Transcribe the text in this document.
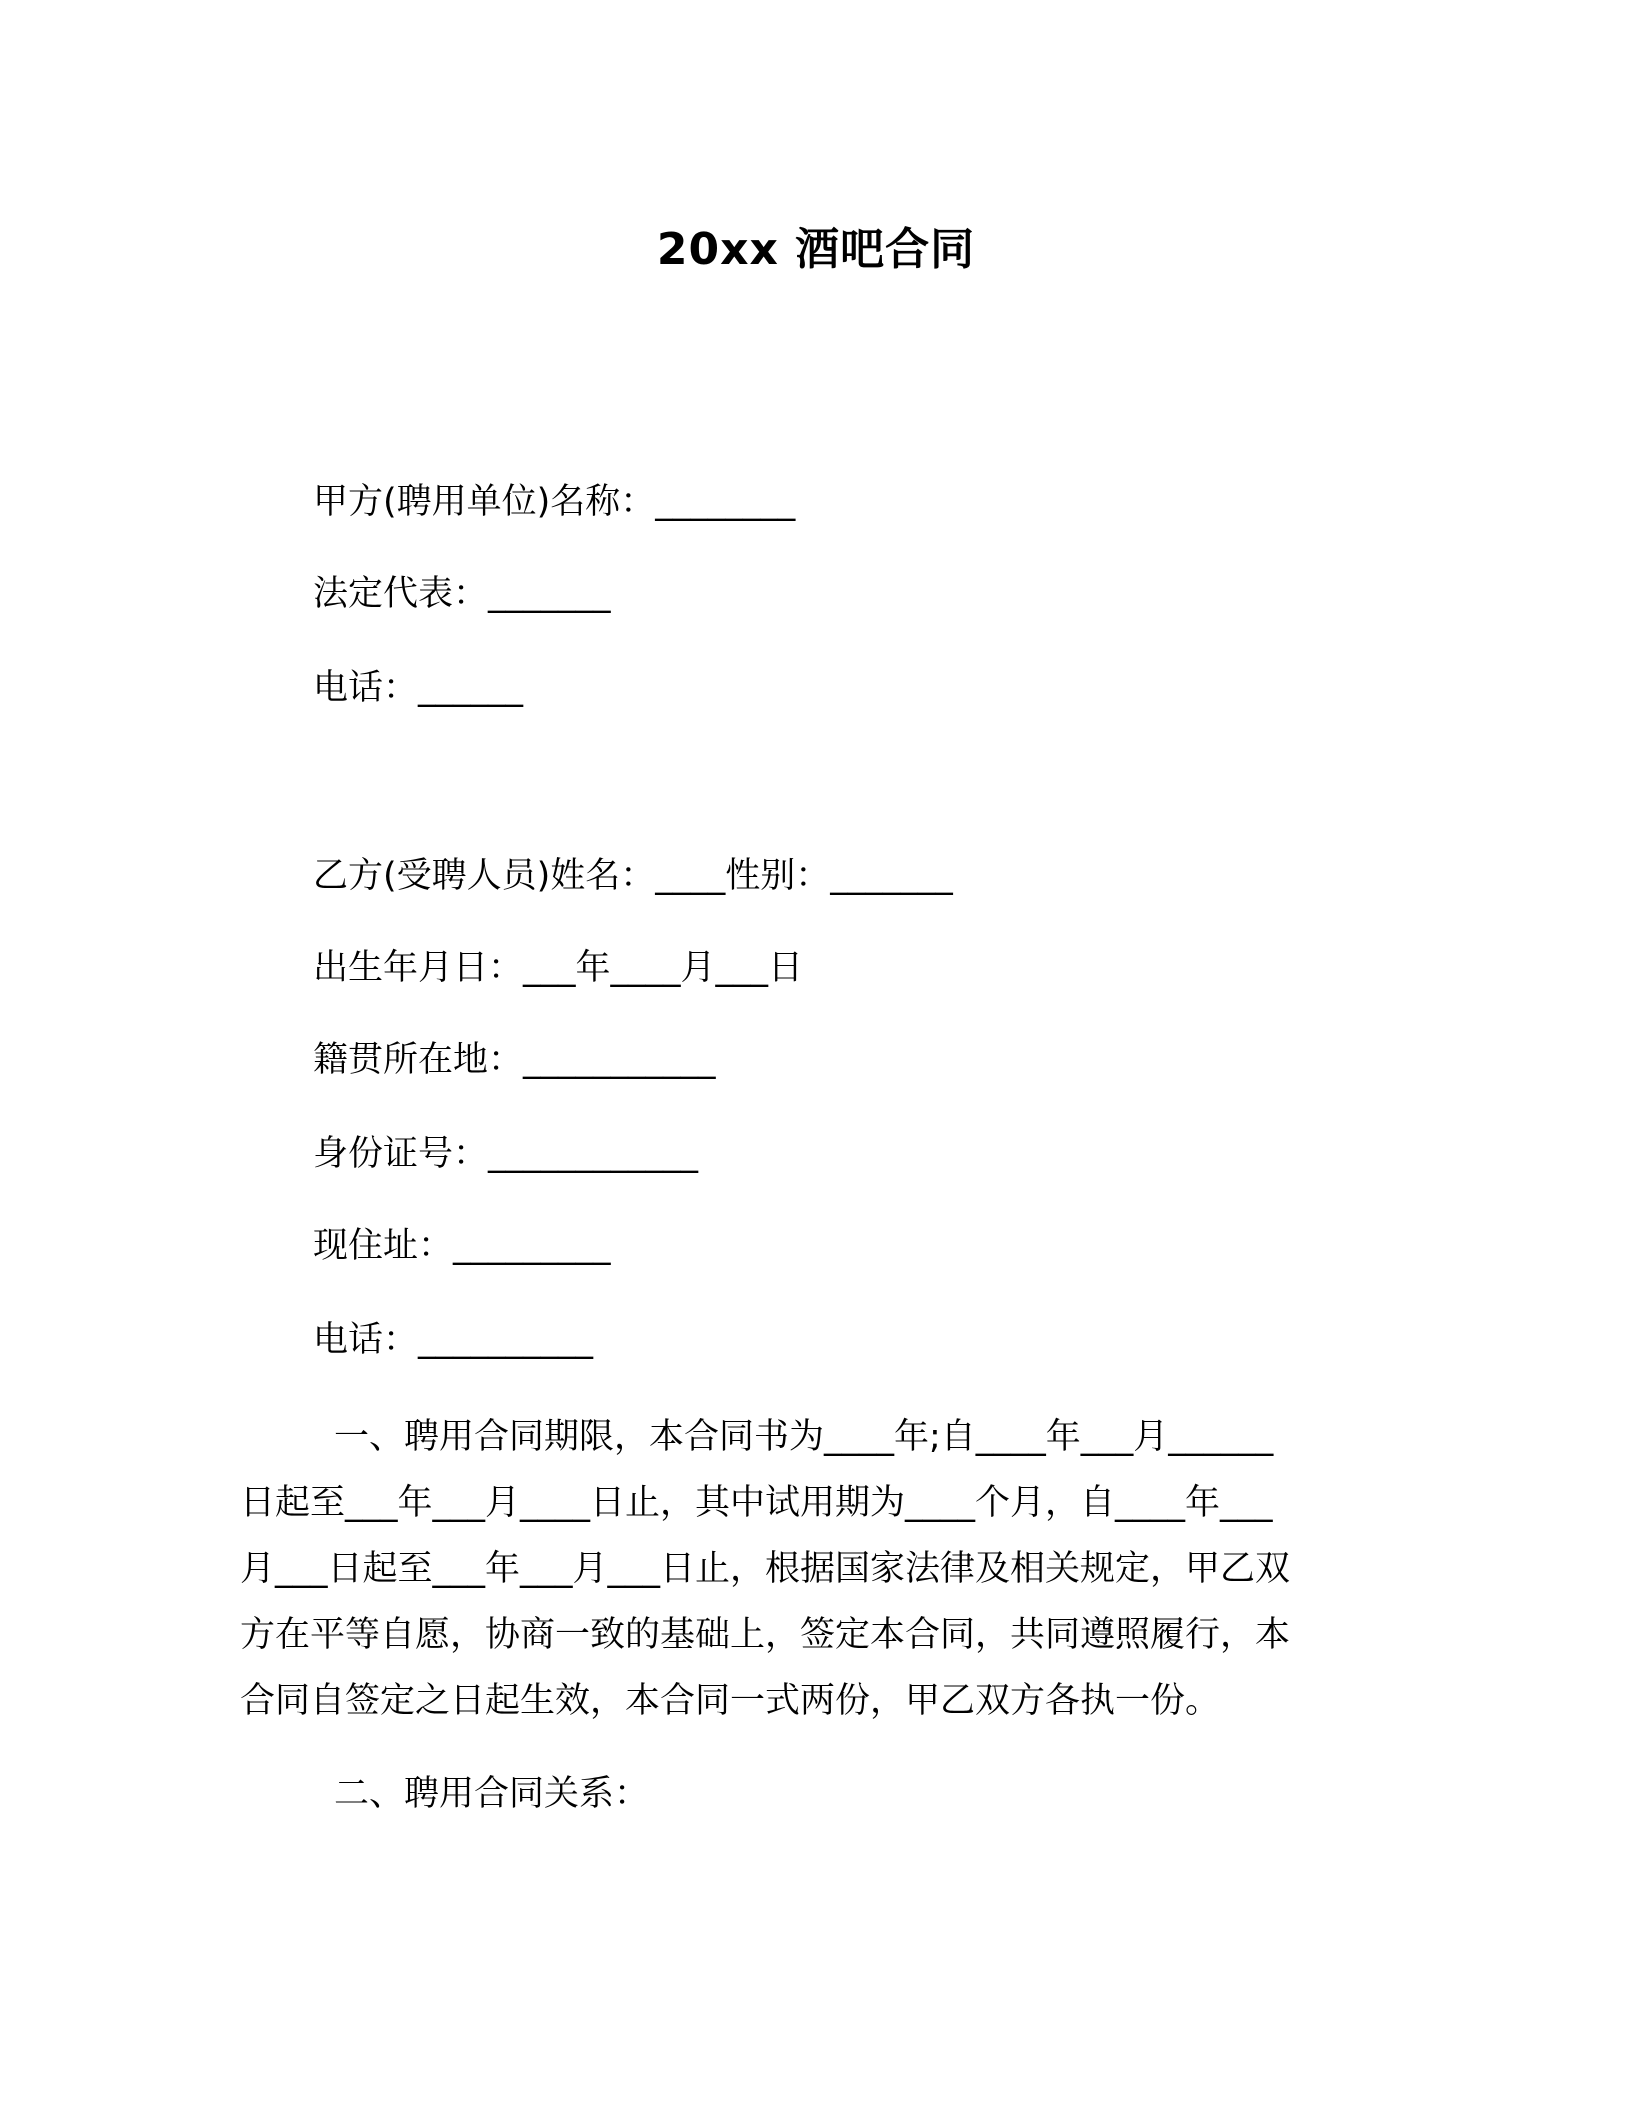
20xx 酒吧合同
甲方(聘用单位)名称：________
法定代表：_______
电话：______
乙方(受聘人员)姓名：____性别：_______
出生年月日：___年____月___日
籍贯所在地：___________
身份证号：____________
现住址：_________
电话：__________
一、聘用合同期限，本合同书为____年;自____年___月______
日起至___年___月____日止，其中试用期为____个月，自____年___
月___日起至___年___月___日止，根据国家法律及相关规定，甲乙双
方在平等自愿，协商一致的基础上，签定本合同，共同遵照履行，本
合同自签定之日起生效，本合同一式两份，甲乙双方各执一份。
二、聘用合同关系：
